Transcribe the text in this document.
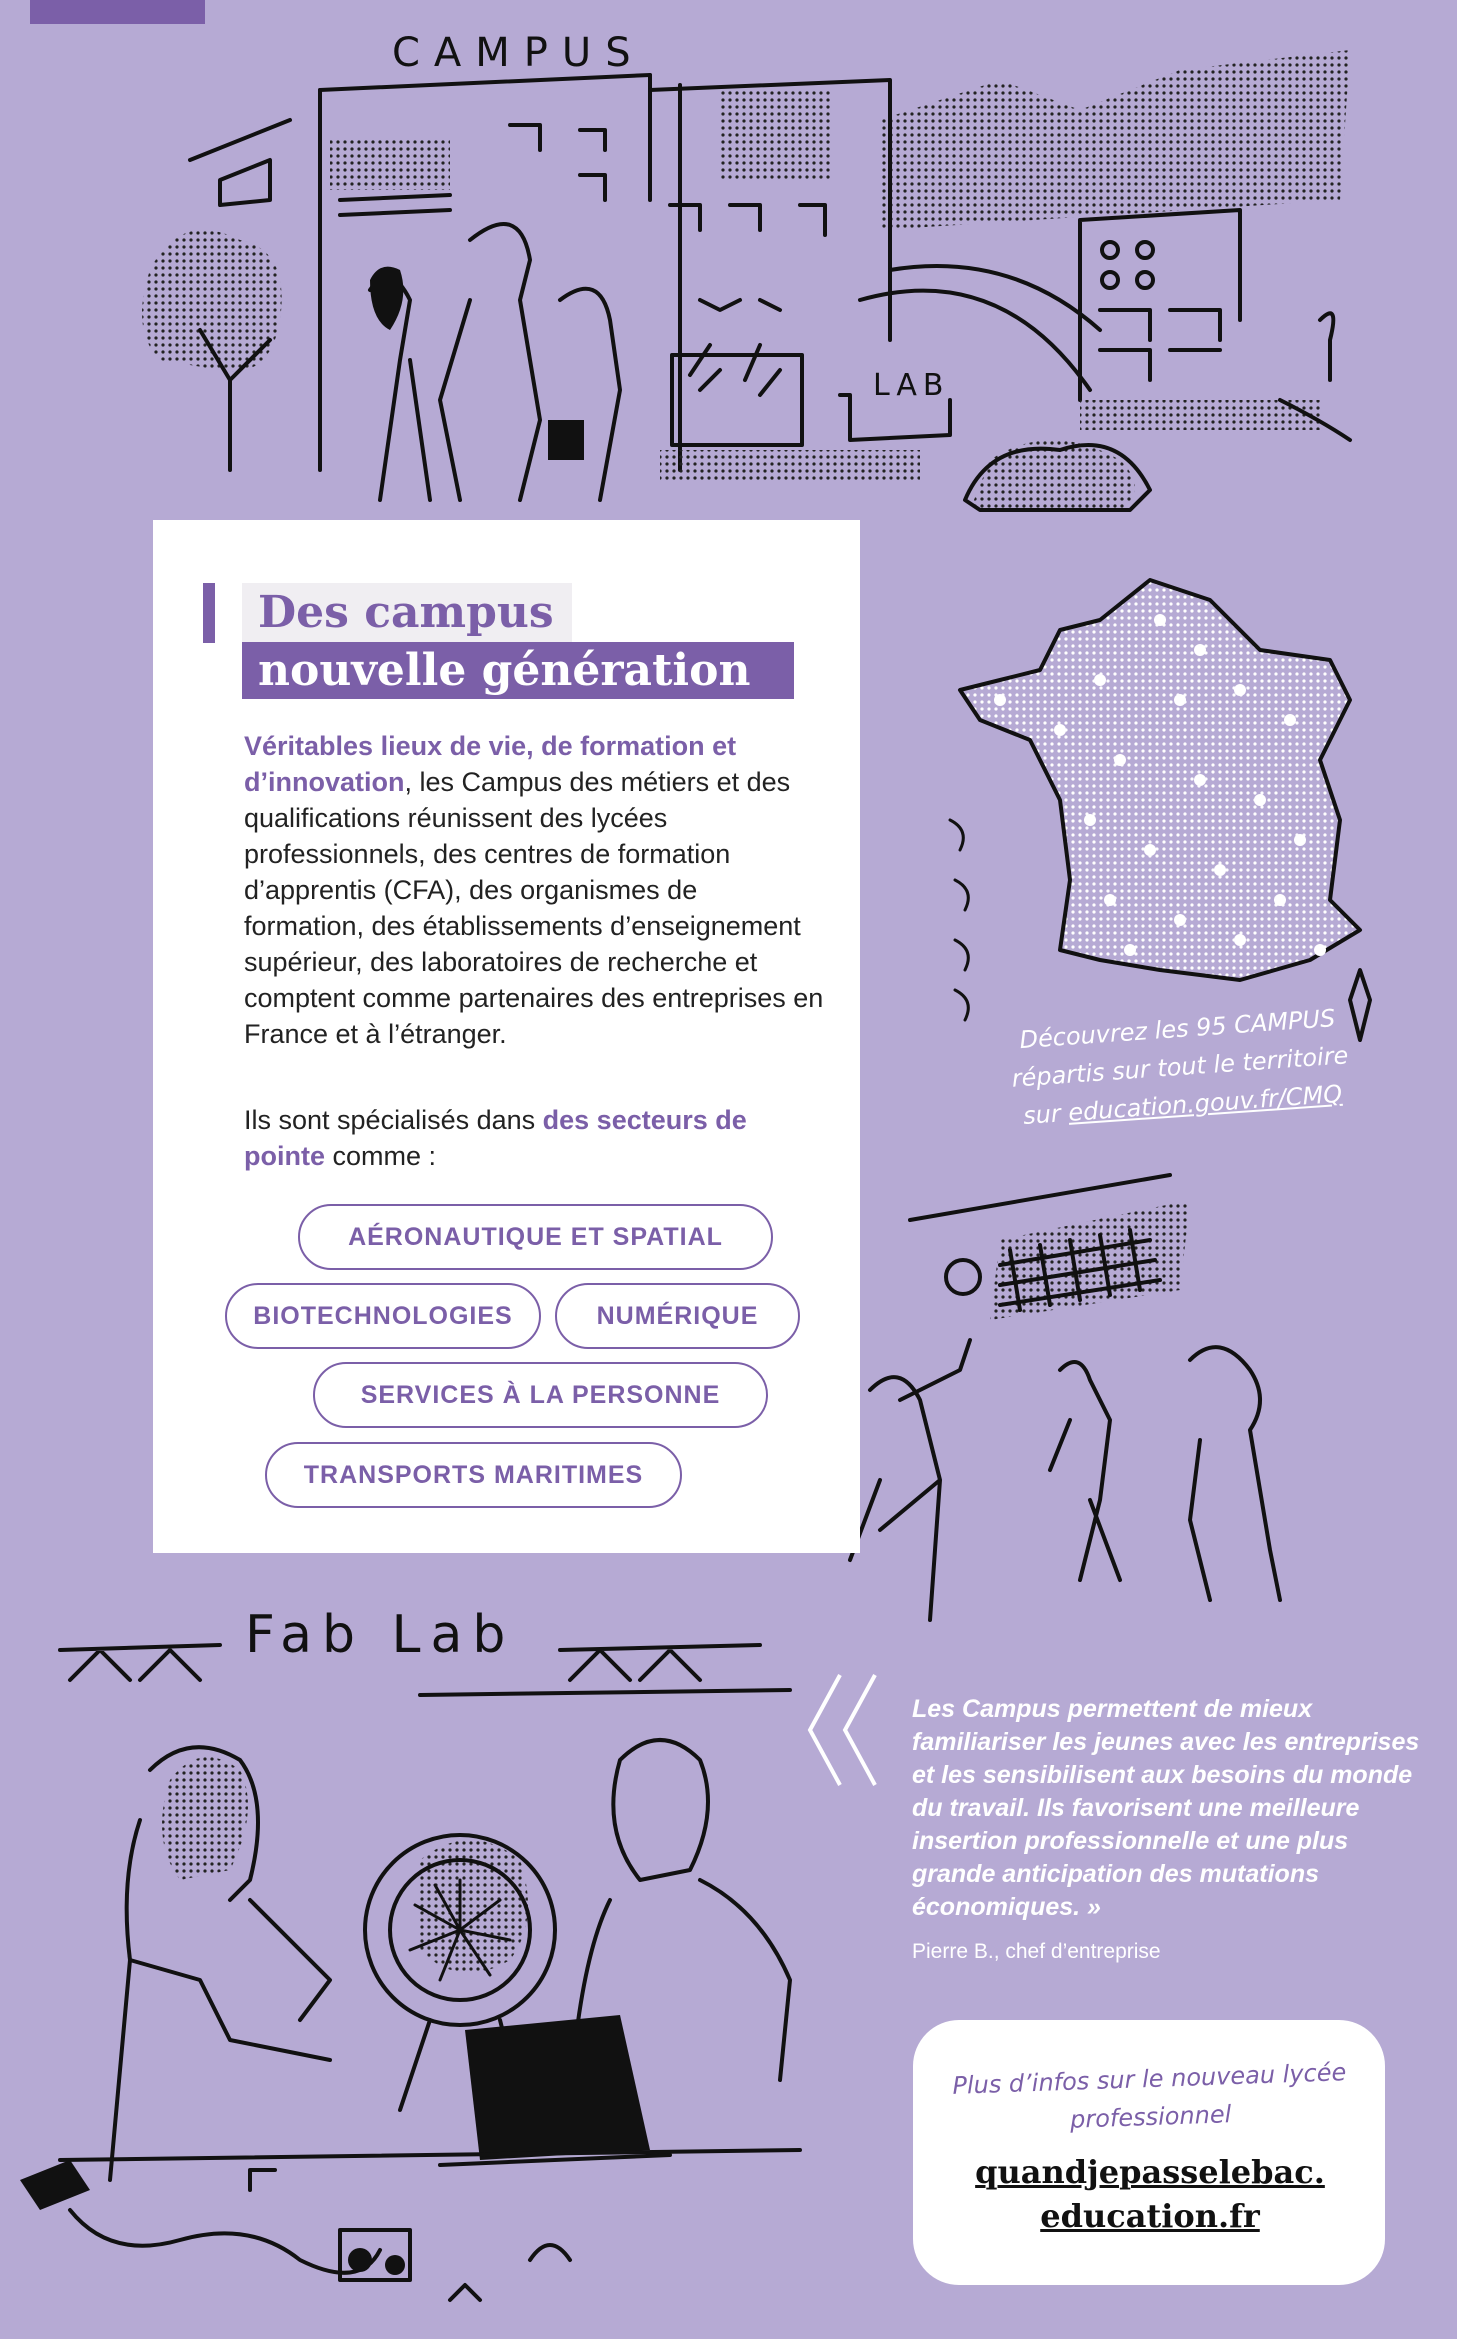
CAMPUS
LAB
Fab Lab
Des campus
nouvelle génération

Véritables lieux de vie, de formation et d’innovation, les Campus des métiers et des qualifications réunissent des lycées professionnels, des centres de formation d’apprentis (CFA), des organismes de formation, des établissements d’enseignement supérieur, des laboratoires de recherche et comptent comme partenaires des entreprises en France et à l’étranger.

Ils sont spécialisés dans des secteurs de pointe comme :

AÉRONAUTIQUE ET SPATIAL
BIOTECHNOLOGIES	NUMÉRIQUE
SERVICES À LA PERSONNE
TRANSPORTS MARITIMES
Découvrez les 95 CAMPUS
répartis sur tout le territoire
sur education.gouv.fr/CMQ

Les Campus permettent de mieux familiariser les jeunes avec les entreprises et les sensibilisent aux besoins du monde du travail. Ils favorisent une meilleure insertion professionnelle et une plus grande anticipation des mutations économiques. »

Pierre B., chef d’entreprise
Plus d’infos sur le nouveau lycée professionnel
quandjepasselebac.
education.fr
